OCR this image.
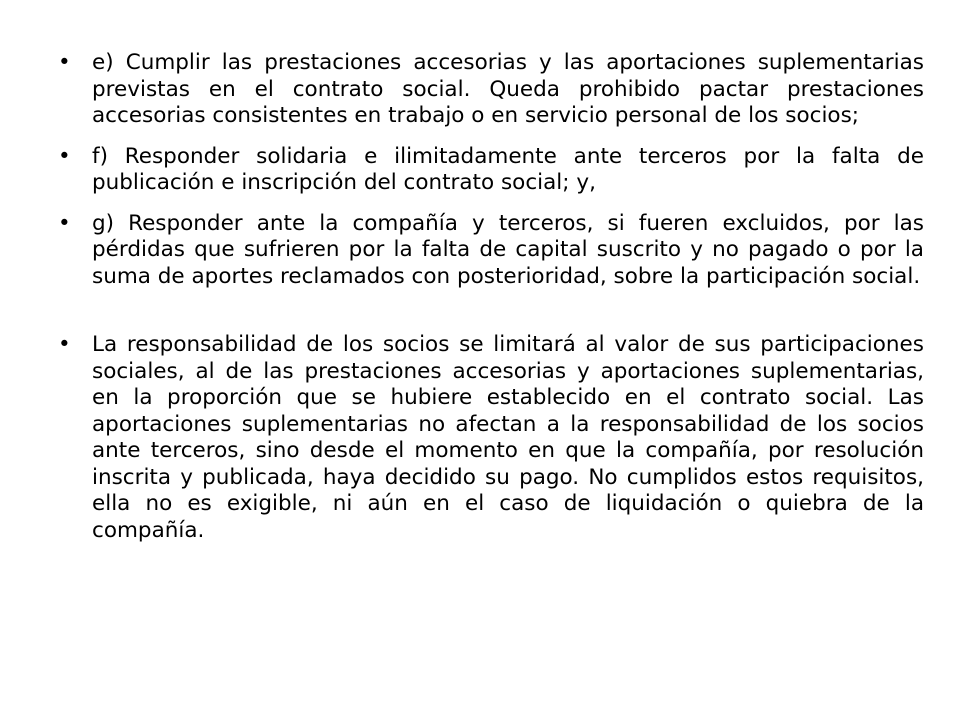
• e) Cumplir las prestaciones accesorias y las aportaciones suplementarias previstas en el contrato social. Queda prohibido pactar prestaciones accesorias consistentes en trabajo o en servicio personal de los socios;
• f) Responder solidaria e ilimitadamente ante terceros por la falta de publicación e inscripción del contrato social; y,
• g) Responder ante la compañía y terceros, si fueren excluidos, por las pérdidas que sufrieren por la falta de capital suscrito y no pagado o por la suma de aportes reclamados con posterioridad, sobre la participación social.
• La responsabilidad de los socios se limitará al valor de sus participaciones sociales, al de las prestaciones accesorias y aportaciones suplementarias, en la proporción que se hubiere establecido en el contrato social. Las aportaciones suplementarias no afectan a la responsabilidad de los socios ante terceros, sino desde el momento en que la compañía, por resolución inscrita y publicada, haya decidido su pago. No cumplidos estos requisitos, ella no es exigible, ni aún en el caso de liquidación o quiebra de la compañía.
